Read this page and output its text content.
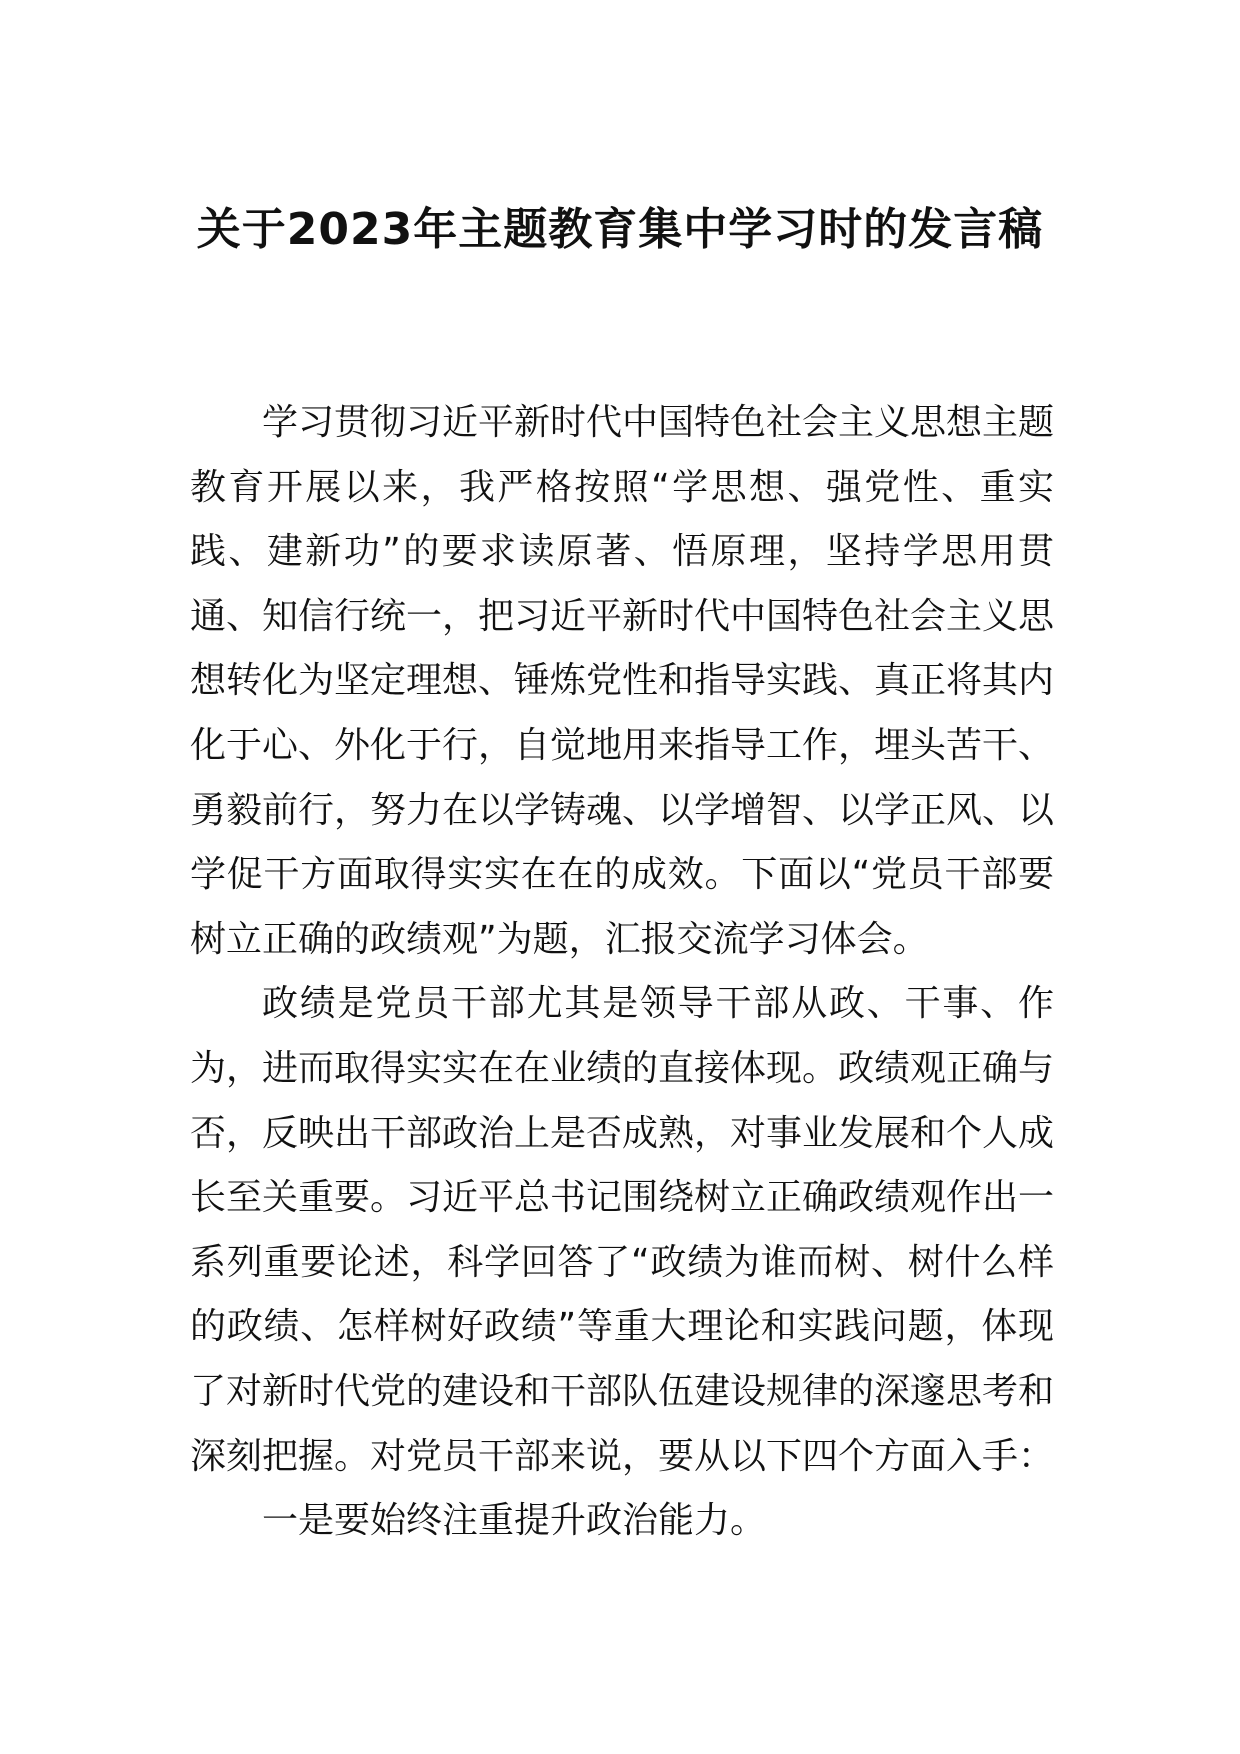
关于2023年主题教育集中学习时的发言稿

学习贯彻习近平新时代中国特色社会主义思想主题教育开展以来，我严格按照“学思想、强党性、重实践、建新功”的要求读原著、悟原理，坚持学思用贯通、知信行统一，把习近平新时代中国特色社会主义思想转化为坚定理想、锤炼党性和指导实践、真正将其内化于心、外化于行，自觉地用来指导工作，埋头苦干、勇毅前行，努力在以学铸魂、以学增智、以学正风、以学促干方面取得实实在在的成效。下面以“党员干部要树立正确的政绩观”为题，汇报交流学习体会。

政绩是党员干部尤其是领导干部从政、干事、作为，进而取得实实在在业绩的直接体现。政绩观正确与否，反映出干部政治上是否成熟，对事业发展和个人成长至关重要。习近平总书记围绕树立正确政绩观作出一系列重要论述，科学回答了“政绩为谁而树、树什么样的政绩、怎样树好政绩”等重大理论和实践问题，体现了对新时代党的建设和干部队伍建设规律的深邃思考和深刻把握。对党员干部来说，要从以下四个方面入手：

一是要始终注重提升政治能力。
